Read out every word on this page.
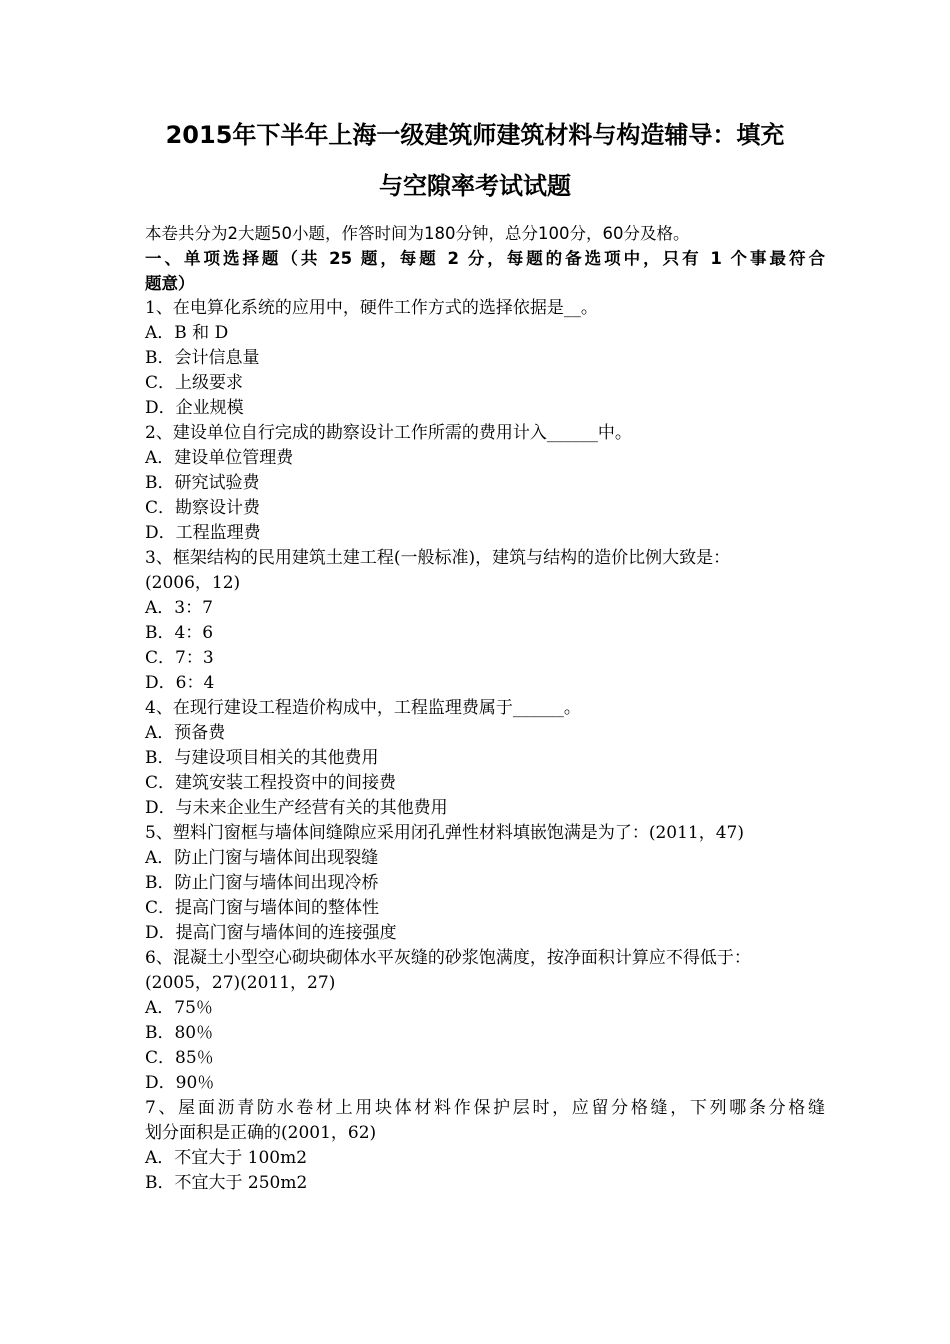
2015年下半年上海一级建筑师建筑材料与构造辅导：填充
与空隙率考试试题
本卷共分为2大题50小题，作答时间为180分钟，总分100分，60分及格。
一、单项选择题（共 25 题，每题 2 分，每题的备选项中，只有 1 个事最符合
题意）
1、在电算化系统的应用中，硬件工作方式的选择依据是__。
A．B 和 D
B．会计信息量
C．上级要求
D．企业规模
2、建设单位自行完成的勘察设计工作所需的费用计入______中。
A．建设单位管理费
B．研究试验费
C．勘察设计费
D．工程监理费
3、框架结构的民用建筑土建工程(一般标准)，建筑与结构的造价比例大致是：
(2006，12)
A．3：7
B．4：6
C．7：3
D．6：4
4、在现行建设工程造价构成中，工程监理费属于______。
A．预备费
B．与建设项目相关的其他费用
C．建筑安装工程投资中的间接费
D．与未来企业生产经营有关的其他费用
5、塑料门窗框与墙体间缝隙应采用闭孔弹性材料填嵌饱满是为了：(2011，47)
A．防止门窗与墙体间出现裂缝
B．防止门窗与墙体间出现冷桥
C．提高门窗与墙体间的整体性
D．提高门窗与墙体间的连接强度
6、混凝土小型空心砌块砌体水平灰缝的砂浆饱满度，按净面积计算应不得低于：
(2005，27)(2011，27)
A．75％
B．80％
C．85％
D．90％
7、屋面沥青防水卷材上用块体材料作保护层时，应留分格缝，下列哪条分格缝
划分面积是正确的(2001，62)
A．不宜大于 100m2
B．不宜大于 250m2
